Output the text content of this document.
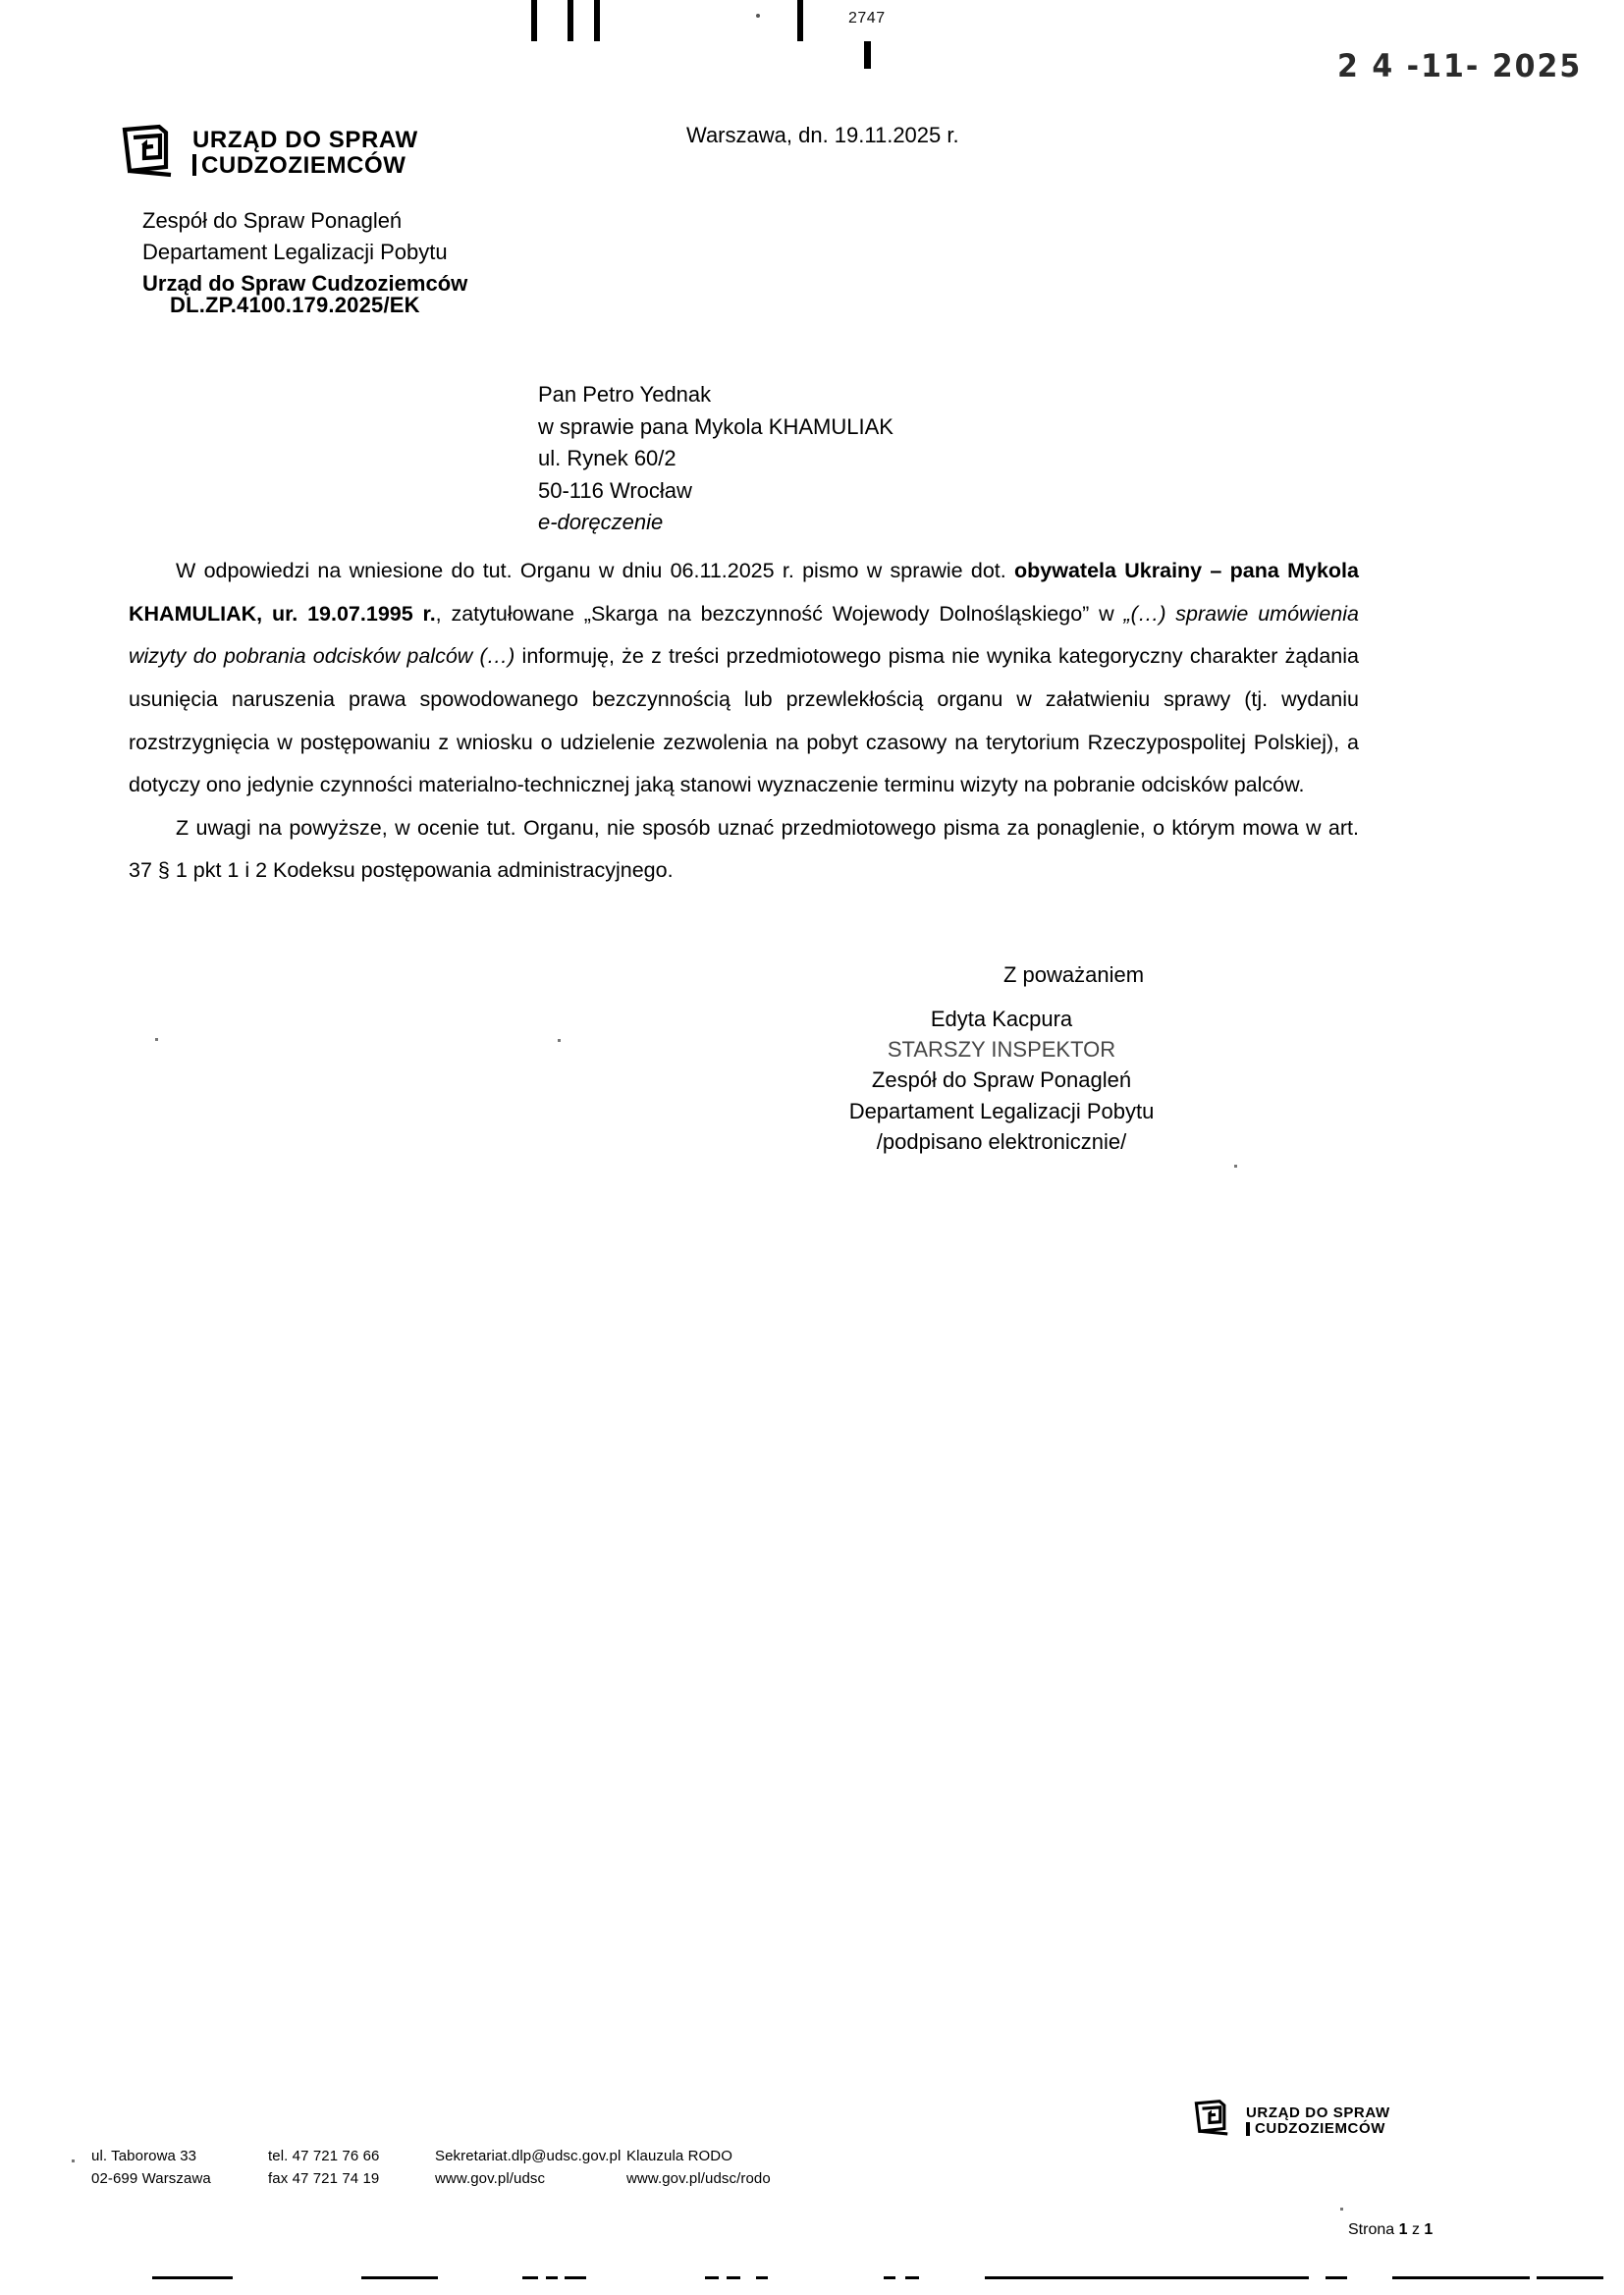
2747
2 4 -11- 2025
URZĄD DO SPRAW
CUDZOZIEMCÓW
Warszawa, dn. 19.11.2025 r.
Zespół do Spraw Ponagleń
Departament Legalizacji Pobytu
Urząd do Spraw Cudzoziemców
DL.ZP.4100.179.2025/EK
Pan Petro Yednak
w sprawie pana Mykola KHAMULIAK
ul. Rynek 60/2
50-116 Wrocław
e-doręczenie

W odpowiedzi na wniesione do tut. Organu w dniu 06.11.2025 r. pismo w sprawie dot. obywatela Ukrainy – pana Mykola KHAMULIAK, ur. 19.07.1995 r., zatytułowane „Skarga na bezczynność Wojewody Dolnośląskiego” w „(…) sprawie umówienia wizyty do pobrania odcisków palców (…) informuję, że z treści przedmiotowego pisma nie wynika kategoryczny charakter żądania usunięcia naruszenia prawa spowodowanego bezczynnością lub przewlekłością organu w załatwieniu sprawy (tj. wydaniu rozstrzygnięcia w postępowaniu z wniosku o udzielenie zezwolenia na pobyt czasowy na terytorium Rzeczypospolitej Polskiej), a dotyczy ono jedynie czynności materialno-technicznej jaką stanowi wyznaczenie terminu wizyty na pobranie odcisków palców.

Z uwagi na powyższe, w ocenie tut. Organu, nie sposób uznać przedmiotowego pisma za ponaglenie, o którym mowa w art. 37 § 1 pkt 1 i 2 Kodeksu postępowania administracyjnego.

Z poważaniem
Edyta Kacpura
STARSZY INSPEKTOR
Zespół do Spraw Ponagleń
Departament Legalizacji Pobytu
/podpisano elektronicznie/
URZĄD DO SPRAW
CUDZOZIEMCÓW
ul. Taborowa 33
02-699 Warszawa
tel. 47 721 76 66
fax 47 721 74 19
Sekretariat.dlp@udsc.gov.pl
www.gov.pl/udsc
Klauzula RODO
www.gov.pl/udsc/rodo
Strona 1 z 1
